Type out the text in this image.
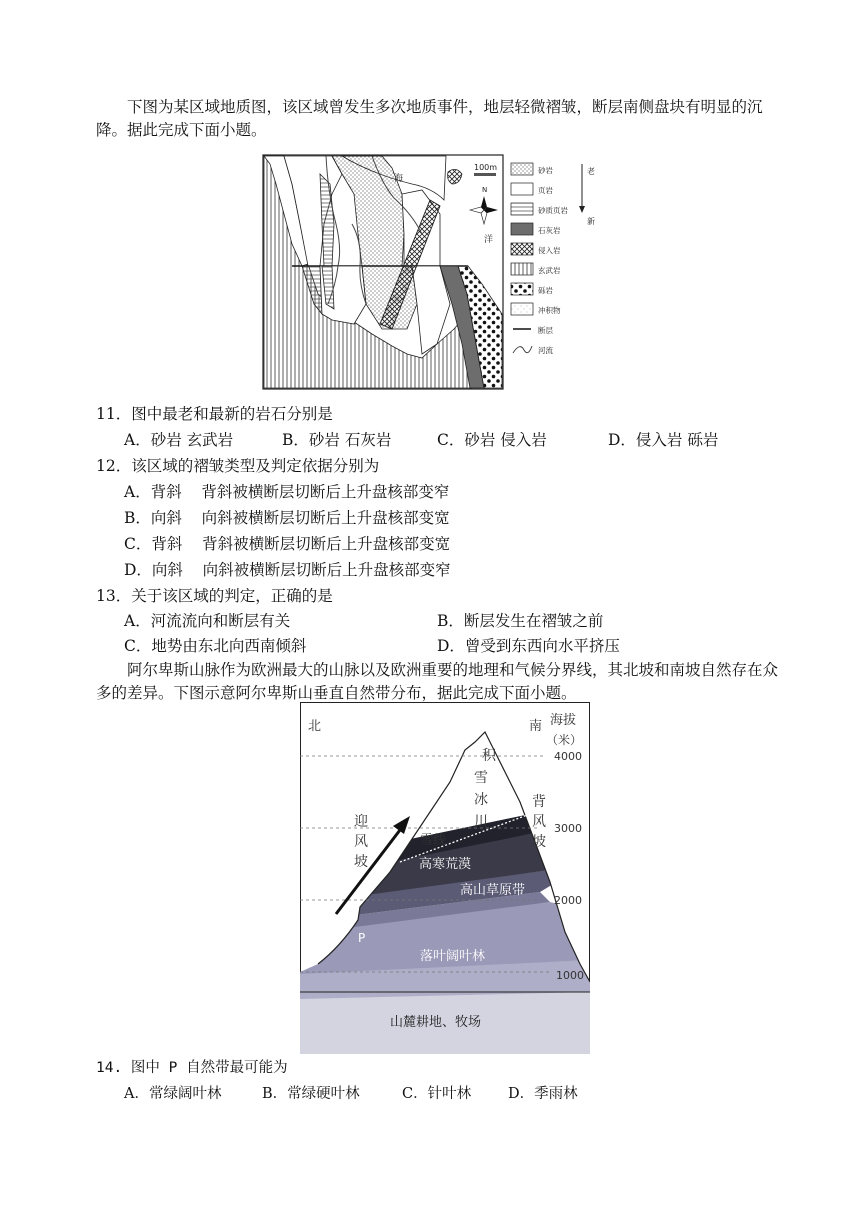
下图为某区域地质图，该区域曾发生多次地质事件，地层轻微褶皱，断层南侧盘块有明显的沉降。据此完成下面小题。
海
洋
100m
N
砂岩
页岩
砂质页岩
石灰岩
侵入岩
玄武岩
砾岩
冲积物
断层
河流
老
新
11．图中最老和最新的岩石分别是
A．砂岩 玄武岩	B．砂岩 石灰岩	C．砂岩 侵入岩	D．侵入岩 砾岩
12．该区域的褶皱类型及判定依据分别为
A．背斜    背斜被横断层切断后上升盘核部变窄
B．向斜    向斜被横断层切断后上升盘核部变宽
C．背斜    背斜被横断层切断后上升盘核部变宽
D．向斜    向斜被横断层切断后上升盘核部变窄
13．关于该区域的判定，正确的是
A．河流流向和断层有关	B．断层发生在褶皱之前
C．地势由东北向西南倾斜	D．曾受到东西向水平挤压
阿尔卑斯山脉作为欧洲最大的山脉以及欧洲重要的地理和气候分界线，其北坡和南坡自然存在众多的差异。下图示意阿尔卑斯山垂直自然带分布，据此完成下面小题。
北	南 海拔
（米）
4000
3000
2000
1000
迎
风
坡
背
风
坡
积
雪
冰
川
雪线
高寒荒漠
高山草原带
P
落叶阔叶林
山麓耕地、牧场
14. 图中 P 自然带最可能为
A．常绿阔叶林	B．常绿硬叶林	C．针叶林	D．季雨林
